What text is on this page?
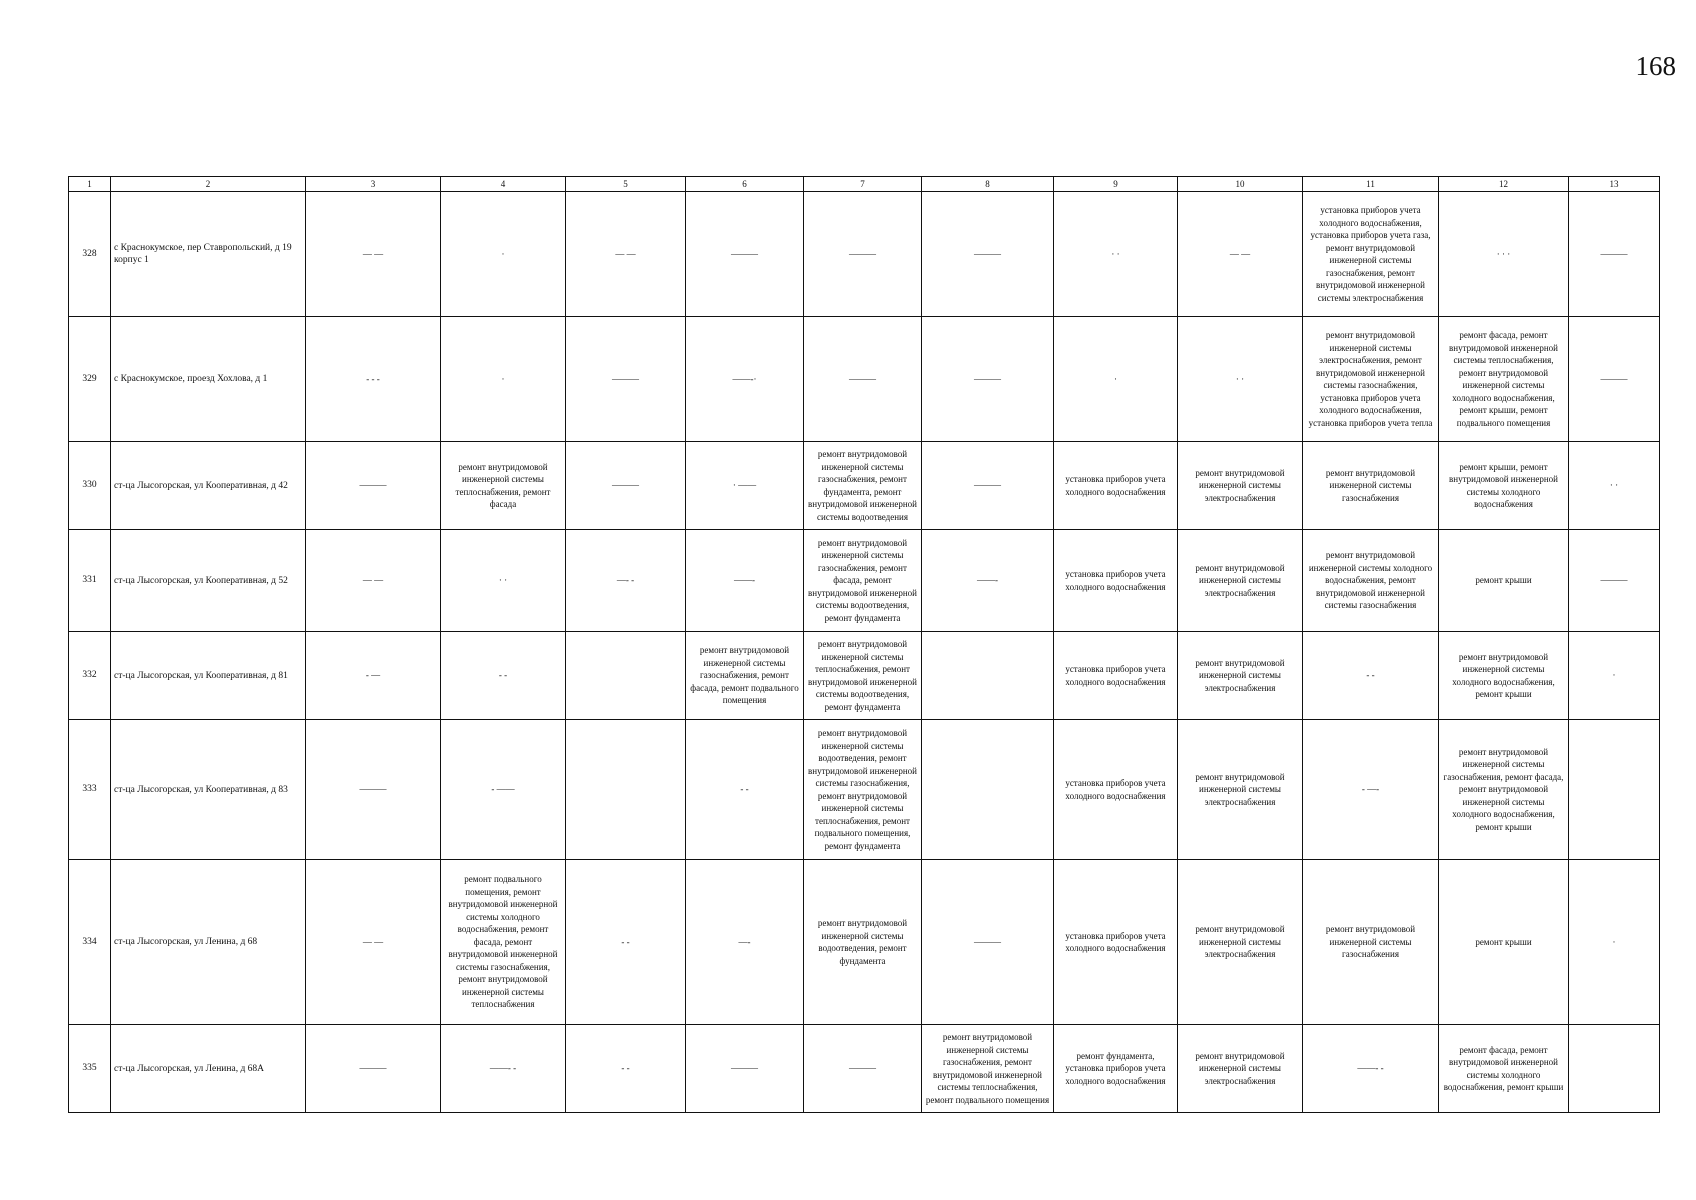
168
1	2	3	4	5	6	7	8	9	10	11	12	13
328	с Краснокумское, пер Ставропольский, д 19 корпус 1	— —	·	— —	———	———	———	· ·	— —	установка приборов учета холодного водоснабжения, установка приборов учета газа, ремонт внутридомовой инженерной системы газоснабжения, ремонт внутридомовой инженерной системы электроснабжения	· · ·	———
329	с Краснокумское, проезд Хохлова, д 1	- - -	·	———	——-·	———	———	·	· ·	ремонт внутридомовой инженерной системы электроснабжения, ремонт внутридомовой инженерной системы газоснабжения, установка приборов учета холодного водоснабжения, установка приборов учета тепла	ремонт фасада, ремонт внутридомовой инженерной системы теплоснабжения, ремонт внутридомовой инженерной системы холодного водоснабжения, ремонт крыши, ремонт подвального помещения	———
330	ст-ца Лысогорская, ул Кооперативная, д 42	———	ремонт внутридомовой инженерной системы теплоснабжения, ремонт фасада	———	· ——	ремонт внутридомовой инженерной системы газоснабжения, ремонт фундамента, ремонт внутридомовой инженерной системы водоотведения	———	установка приборов учета холодного водоснабжения	ремонт внутридомовой инженерной системы электроснабжения	ремонт внутридомовой инженерной системы газоснабжения	ремонт крыши, ремонт внутридомовой инженерной системы холодного водоснабжения	· ·
331	ст-ца Лысогорская, ул Кооперативная, д 52	— —	· ·	—- -	——-	ремонт внутридомовой инженерной системы газоснабжения, ремонт фасада, ремонт внутридомовой инженерной системы водоотведения, ремонт фундамента	——-	установка приборов учета холодного водоснабжения	ремонт внутридомовой инженерной системы электроснабжения	ремонт внутридомовой инженерной системы холодного водоснабжения, ремонт внутридомовой инженерной системы газоснабжения	ремонт крыши	———
332	ст-ца Лысогорская, ул Кооперативная, д 81	- —	- -		ремонт внутридомовой инженерной системы газоснабжения, ремонт фасада, ремонт подвального помещения	ремонт внутридомовой инженерной системы теплоснабжения, ремонт внутридомовой инженерной системы водоотведения, ремонт фундамента		установка приборов учета холодного водоснабжения	ремонт внутридомовой инженерной системы электроснабжения	- -	ремонт внутридомовой инженерной системы холодного водоснабжения, ремонт крыши	·
333	ст-ца Лысогорская, ул Кооперативная, д 83	———	- ——		- -	ремонт внутридомовой инженерной системы водоотведения, ремонт внутридомовой инженерной системы газоснабжения, ремонт внутридомовой инженерной системы теплоснабжения, ремонт подвального помещения, ремонт фундамента		установка приборов учета холодного водоснабжения	ремонт внутридомовой инженерной системы электроснабжения	- —-	ремонт внутридомовой инженерной системы газоснабжения, ремонт фасада, ремонт внутридомовой инженерной системы холодного водоснабжения, ремонт крыши	
334	ст-ца Лысогорская, ул Ленина, д 68	— —	ремонт подвального помещения, ремонт внутридомовой инженерной системы холодного водоснабжения, ремонт фасада, ремонт внутридомовой инженерной системы газоснабжения, ремонт внутридомовой инженерной системы теплоснабжения	- -	—-	ремонт внутридомовой инженерной системы водоотведения, ремонт фундамента	———	установка приборов учета холодного водоснабжения	ремонт внутридомовой инженерной системы электроснабжения	ремонт внутридомовой инженерной системы газоснабжения	ремонт крыши	·
335	ст-ца Лысогорская, ул Ленина, д 68А	———	——- -	- -	———	———	ремонт внутридомовой инженерной системы газоснабжения, ремонт внутридомовой инженерной системы теплоснабжения, ремонт подвального помещения	ремонт фундамента, установка приборов учета холодного водоснабжения	ремонт внутридомовой инженерной системы электроснабжения	——- -	ремонт фасада, ремонт внутридомовой инженерной системы холодного водоснабжения, ремонт крыши	
